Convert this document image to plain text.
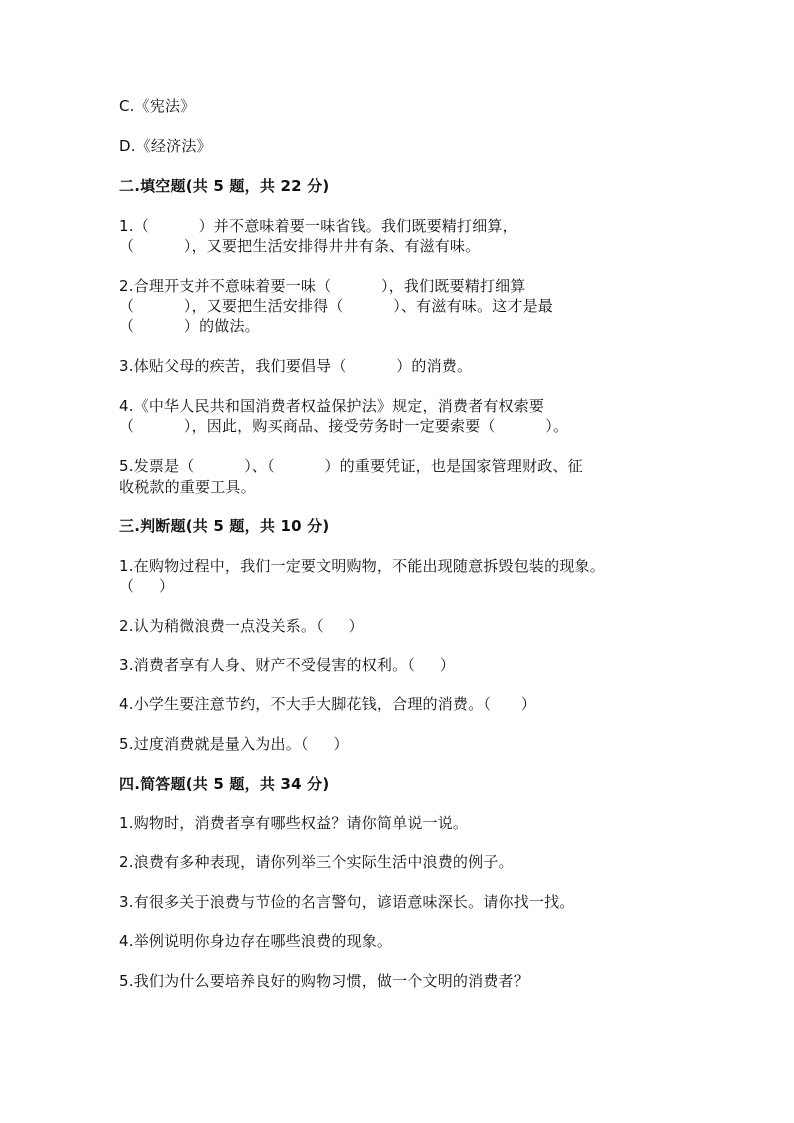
C.《宪法》
D.《经济法》
二.填空题(共 5 题，共 22 分)
1.（          ）并不意味着要一味省钱。我们既要精打细算，
（          ），又要把生活安排得井井有条、有滋有味。
2.合理开支并不意味着要一味（          ），我们既要精打细算
（          ），又要把生活安排得（          ）、有滋有味。这才是最
（          ）的做法。
3.体贴父母的疾苦，我们要倡导（          ）的消费。
4.《中华人民共和国消费者权益保护法》规定，消费者有权索要
（          ），因此，购买商品、接受劳务时一定要索要（          ）。
5.发票是（          ）、（          ）的重要凭证，也是国家管理财政、征
收税款的重要工具。
三.判断题(共 5 题，共 10 分)
1.在购物过程中，我们一定要文明购物，不能出现随意拆毁包装的现象。
（     ）
2.认为稍微浪费一点没关系。（     ）
3.消费者享有人身、财产不受侵害的权利。（     ）
4.小学生要注意节约，不大手大脚花钱，合理的消费。（      ）
5.过度消费就是量入为出。（     ）
四.简答题(共 5 题，共 34 分)
1.购物时，消费者享有哪些权益？请你简单说一说。
2.浪费有多种表现，请你列举三个实际生活中浪费的例子。
3.有很多关于浪费与节俭的名言警句，谚语意味深长。请你找一找。
4.举例说明你身边存在哪些浪费的现象。
5.我们为什么要培养良好的购物习惯，做一个文明的消费者？
